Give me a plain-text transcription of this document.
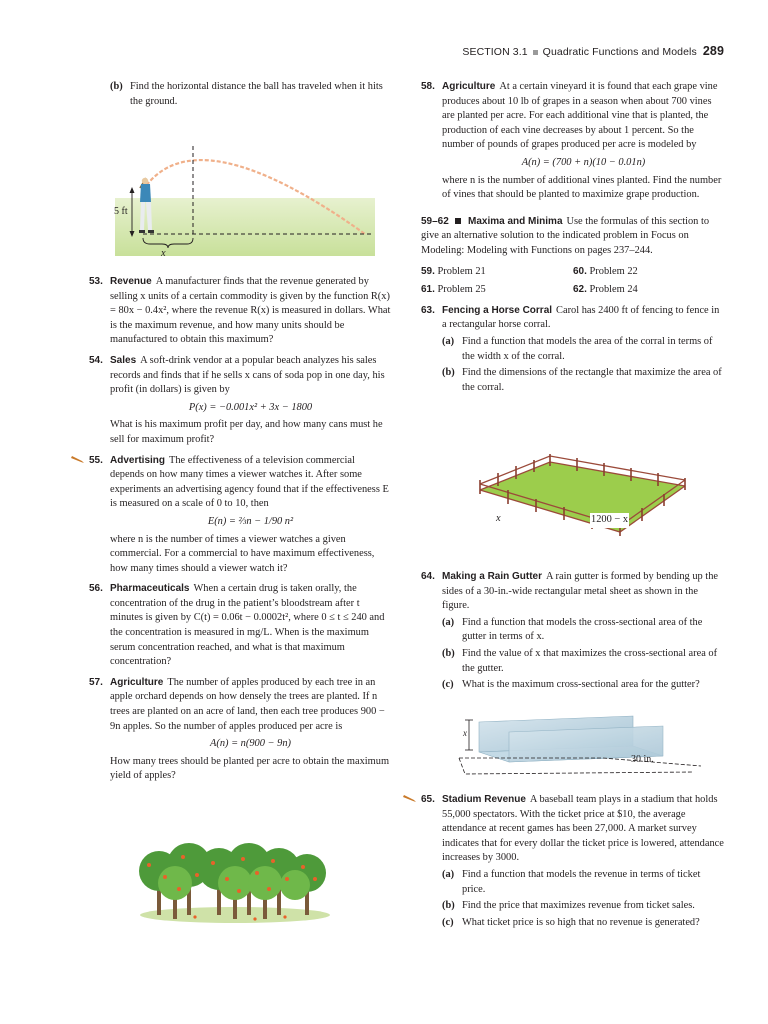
SECTION 3.1 Quadratic Functions and Models 289
(b) Find the horizontal distance the ball has traveled when it hits the ground.
5 ft
x
53. Revenue A manufacturer finds that the revenue generated by selling x units of a certain commodity is given by the function R(x) = 80x − 0.4x², where the revenue R(x) is measured in dollars. What is the maximum revenue, and how many units should be manufactured to obtain this maximum?
54. Sales A soft-drink vendor at a popular beach analyzes his sales records and finds that if he sells x cans of soda pop in one day, his profit (in dollars) is given by
P(x) = −0.001x² + 3x − 1800
What is his maximum profit per day, and how many cans must he sell for maximum profit?
55. Advertising The effectiveness of a television commercial depends on how many times a viewer watches it. After some experiments an advertising agency found that if the effectiveness E is measured on a scale of 0 to 10, then
E(n) = ⅔n − 1/90 n²
where n is the number of times a viewer watches a given commercial. For a commercial to have maximum effectiveness, how many times should a viewer watch it?
56. Pharmaceuticals When a certain drug is taken orally, the concentration of the drug in the patient’s bloodstream after t minutes is given by C(t) = 0.06t − 0.0002t², where 0 ≤ t ≤ 240 and the concentration is measured in mg/L. When is the maximum serum concentration reached, and what is that maximum concentration?
57. Agriculture The number of apples produced by each tree in an apple orchard depends on how densely the trees are planted. If n trees are planted on an acre of land, then each tree produces 900 − 9n apples. So the number of apples produced per acre is
A(n) = n(900 − 9n)
How many trees should be planted per acre to obtain the maximum yield of apples?
58. Agriculture At a certain vineyard it is found that each grape vine produces about 10 lb of grapes in a season when about 700 vines are planted per acre. For each additional vine that is planted, the production of each vine decreases by about 1 percent. So the number of pounds of grapes produced per acre is modeled by
A(n) = (700 + n)(10 − 0.01n)
where n is the number of additional vines planted. Find the number of vines that should be planted to maximize grape production.
59–62 Maxima and Minima Use the formulas of this section to give an alternative solution to the indicated problem in Focus on Modeling: Modeling with Functions on pages 237–244.
59. Problem 21	60. Problem 22
61. Problem 25	62. Problem 24
63. Fencing a Horse Corral Carol has 2400 ft of fencing to fence in a rectangular horse corral.
(a) Find a function that models the area of the corral in terms of the width x of the corral.
(b) Find the dimensions of the rectangle that maximize the area of the corral.
x	1200 − x
64. Making a Rain Gutter A rain gutter is formed by bending up the sides of a 30-in.-wide rectangular metal sheet as shown in the figure.
(a) Find a function that models the cross-sectional area of the gutter in terms of x.
(b) Find the value of x that maximizes the cross-sectional area of the gutter.
(c) What is the maximum cross-sectional area for the gutter?
x
30 in.
65. Stadium Revenue A baseball team plays in a stadium that holds 55,000 spectators. With the ticket price at $10, the average attendance at recent games has been 27,000. A market survey indicates that for every dollar the ticket price is lowered, attendance increases by 3000.
(a) Find a function that models the revenue in terms of ticket price.
(b) Find the price that maximizes revenue from ticket sales.
(c) What ticket price is so high that no revenue is generated?
